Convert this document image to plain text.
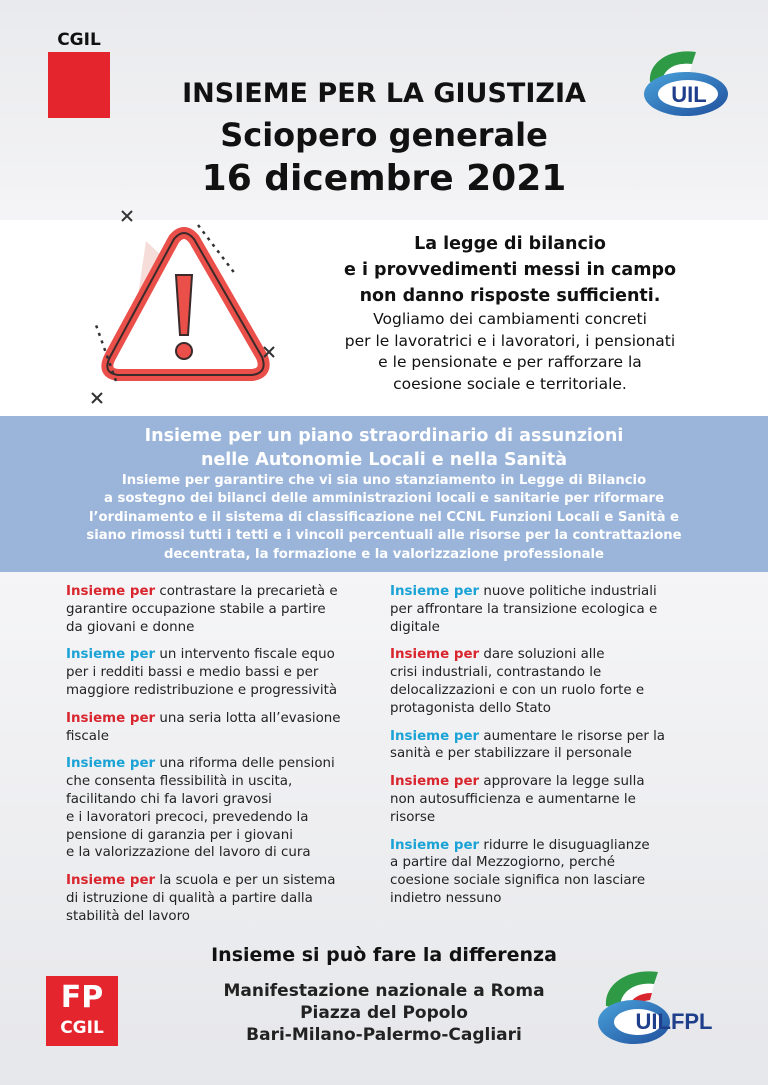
CGIL
UIL
INSIEME PER LA GIUSTIZIA
Sciopero generale
16 dicembre 2021
La legge di bilancio
e i provvedimenti messi in campo
non danno risposte sufficienti.
Vogliamo dei cambiamenti concreti
per le lavoratrici e i lavoratori, i pensionati
e le pensionate e per rafforzare la
coesione sociale e territoriale.
Insieme per un piano straordinario di assunzioni
nelle Autonomie Locali e nella Sanità
Insieme per garantire che vi sia uno stanziamento in Legge di Bilancio
a sostegno dei bilanci delle amministrazioni locali e sanitarie per riformare
l’ordinamento e il sistema di classificazione nel CCNL Funzioni Locali e Sanità e
siano rimossi tutti i tetti e i vincoli percentuali alle risorse per la contrattazione
decentrata, la formazione e la valorizzazione professionale
Insieme per contrastare la precarietà e
garantire occupazione stabile a partire
da giovani e donne
Insieme per un intervento fiscale equo
per i redditi bassi e medio bassi e per
maggiore redistribuzione e progressività
Insieme per una seria lotta all’evasione
fiscale
Insieme per una riforma delle pensioni
che consenta flessibilità in uscita,
facilitando chi fa lavori gravosi
e i lavoratori precoci, prevedendo la
pensione di garanzia per i giovani
e la valorizzazione del lavoro di cura
Insieme per la scuola e per un sistema
di istruzione di qualità a partire dalla
stabilità del lavoro
Insieme per nuove politiche industriali
per affrontare la transizione ecologica e
digitale
Insieme per dare soluzioni alle
crisi industriali, contrastando le
delocalizzazioni e con un ruolo forte e
protagonista dello Stato
Insieme per aumentare le risorse per la
sanità e per stabilizzare il personale
Insieme per approvare la legge sulla
non autosufficienza e aumentarne le
risorse
Insieme per ridurre le disuguaglianze
a partire dal Mezzogiorno, perché
coesione sociale significa non lasciare
indietro nessuno
Insieme si può fare la differenza
Manifestazione nazionale a Roma
Piazza del Popolo
Bari-Milano-Palermo-Cagliari
FP
CGIL	UILFPL
